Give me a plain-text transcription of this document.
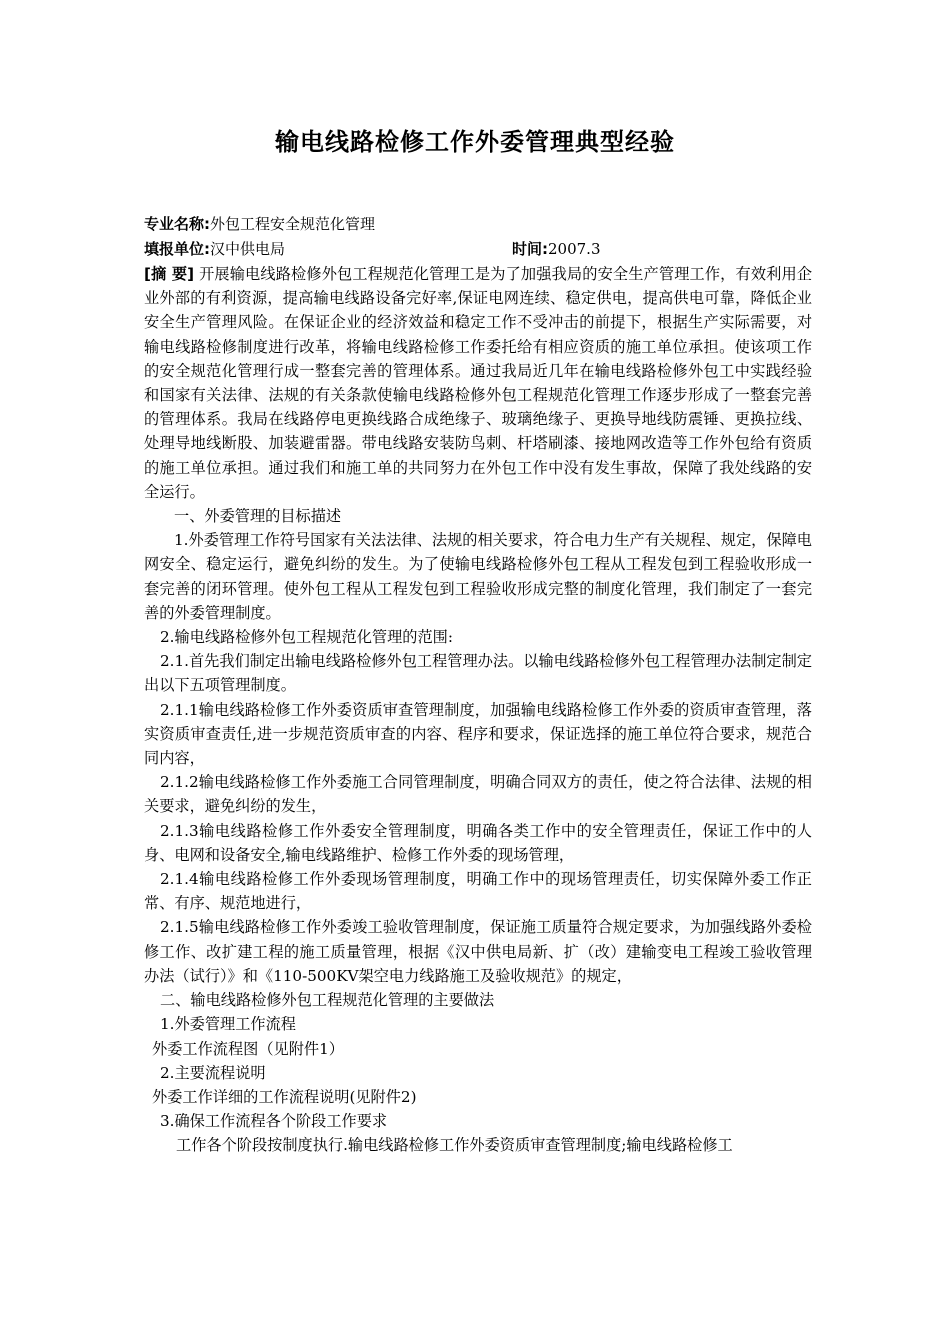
输电线路检修工作外委管理典型经验
专业名称:外包工程安全规范化管理
填报单位:汉中供电局	时间:2007.3

[摘 要] 开展输电线路检修外包工程规范化管理工是为了加强我局的安全生产管理工作，有效利用企业外部的有利资源，提高输电线路设备完好率,保证电网连续、稳定供电，提高供电可靠，降低企业安全生产管理风险。在保证企业的经济效益和稳定工作不受冲击的前提下，根据生产实际需要，对输电线路检修制度进行改革，将输电线路检修工作委托给有相应资质的施工单位承担。使该项工作的安全规范化管理行成一整套完善的管理体系。通过我局近几年在输电线路检修外包工中实践经验和国家有关法律、法规的有关条款使输电线路检修外包工程规范化管理工作逐步形成了一整套完善的管理体系。我局在线路停电更换线路合成绝缘子、玻璃绝缘子、更换导地线防震锤、更换拉线、处理导地线断股、加装避雷器。带电线路安装防鸟刺、杆塔刷漆、接地网改造等工作外包给有资质的施工单位承担。通过我们和施工单的共同努力在外包工作中没有发生事故，保障了我处线路的安全运行。

一、外委管理的目标描述

1.外委管理工作符号国家有关法法律、法规的相关要求，符合电力生产有关规程、规定，保障电网安全、稳定运行，避免纠纷的发生。为了使输电线路检修外包工程从工程发包到工程验收形成一套完善的闭环管理。使外包工程从工程发包到工程验收形成完整的制度化管理，我们制定了一套完善的外委管理制度。

2.输电线路检修外包工程规范化管理的范围:

2.1.首先我们制定出输电线路检修外包工程管理办法。以输电线路检修外包工程管理办法制定制定出以下五项管理制度。

2.1.1输电线路检修工作外委资质审查管理制度，加强输电线路检修工作外委的资质审查管理，落实资质审查责任,进一步规范资质审查的内容、程序和要求，保证选择的施工单位符合要求，规范合同内容，

2.1.2输电线路检修工作外委施工合同管理制度，明确合同双方的责任，使之符合法律、法规的相关要求，避免纠纷的发生，

2.1.3输电线路检修工作外委安全管理制度，明确各类工作中的安全管理责任，保证工作中的人身、电网和设备安全,输电线路维护、检修工作外委的现场管理，

2.1.4输电线路检修工作外委现场管理制度，明确工作中的现场管理责任，切实保障外委工作正常、有序、规范地进行，

2.1.5输电线路检修工作外委竣工验收管理制度，保证施工质量符合规定要求，为加强线路外委检修工作、改扩建工程的施工质量管理，根据《汉中供电局新、扩（改）建输变电工程竣工验收管理办法（试行）》和《110-500KV架空电力线路施工及验收规范》的规定，

二、输电线路检修外包工程规范化管理的主要做法

1.外委管理工作流程

外委工作流程图（见附件1）

2.主要流程说明

外委工作详细的工作流程说明(见附件2)

3.确保工作流程各个阶段工作要求

工作各个阶段按制度执行.输电线路检修工作外委资质审查管理制度;输电线路检修工
